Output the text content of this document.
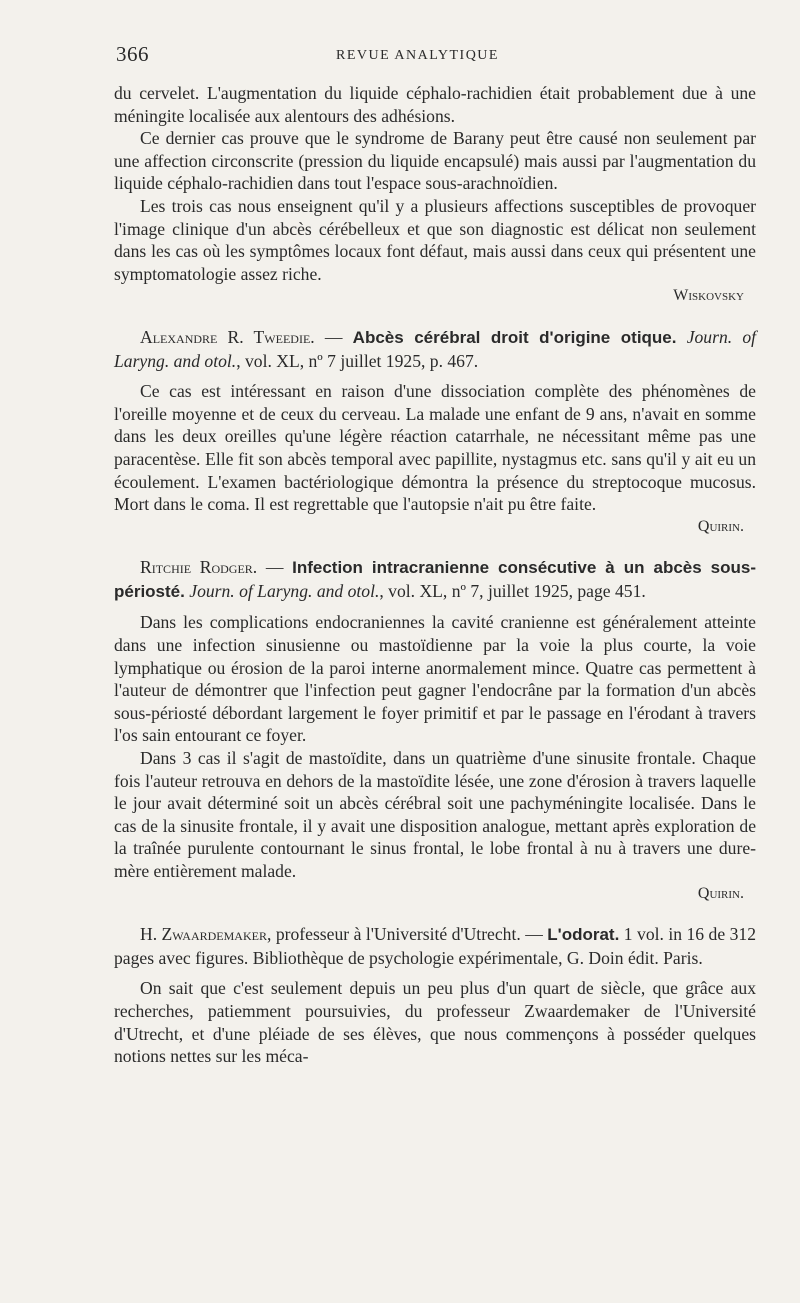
366	REVUE ANALYTIQUE

du cervelet. L'augmentation du liquide céphalo-rachidien était probablement due à une méningite localisée aux alentours des adhésions.

Ce dernier cas prouve que le syndrome de Barany peut être causé non seulement par une affection circonscrite (pression du liquide encapsulé) mais aussi par l'augmentation du liquide céphalo-rachidien dans tout l'espace sous-arachnoïdien.

Les trois cas nous enseignent qu'il y a plusieurs affections susceptibles de provoquer l'image clinique d'un abcès cérébelleux et que son diagnostic est délicat non seulement dans les cas où les symptômes locaux font défaut, mais aussi dans ceux qui présentent une symptomatologie assez riche.

Wiskovsky

Alexandre R. Tweedie. — Abcès cérébral droit d'origine otique. Journ. of Laryng. and otol., vol. XL, nº 7 juillet 1925, p. 467.

Ce cas est intéressant en raison d'une dissociation complète des phénomènes de l'oreille moyenne et de ceux du cerveau. La malade une enfant de 9 ans, n'avait en somme dans les deux oreilles qu'une légère réaction catarrhale, ne nécessitant même pas une paracentèse. Elle fit son abcès temporal avec papillite, nystagmus etc. sans qu'il y ait eu un écoulement. L'examen bactériologique démontra la présence du streptocoque mucosus. Mort dans le coma. Il est regrettable que l'autopsie n'ait pu être faite.

Quirin.

Ritchie Rodger. — Infection intracranienne consécutive à un abcès sous-périosté. Journ. of Laryng. and otol., vol. XL, nº 7, juillet 1925, page 451.

Dans les complications endocraniennes la cavité cranienne est généralement atteinte dans une infection sinusienne ou mastoïdienne par la voie la plus courte, la voie lymphatique ou érosion de la paroi interne anormalement mince. Quatre cas permettent à l'auteur de démontrer que l'infection peut gagner l'endocrâne par la formation d'un abcès sous-périosté débordant largement le foyer primitif et par le passage en l'érodant à travers l'os sain entourant ce foyer.

Dans 3 cas il s'agit de mastoïdite, dans un quatrième d'une sinusite frontale. Chaque fois l'auteur retrouva en dehors de la mastoïdite lésée, une zone d'érosion à travers laquelle le jour avait déterminé soit un abcès cérébral soit une pachyméningite localisée. Dans le cas de la sinusite frontale, il y avait une disposition analogue, mettant après exploration de la traînée purulente contournant le sinus frontal, le lobe frontal à nu à travers une dure-mère entièrement malade.

Quirin.

H. Zwaardemaker, professeur à l'Université d'Utrecht. — L'odorat. 1 vol. in 16 de 312 pages avec figures. Bibliothèque de psychologie expérimentale, G. Doin édit. Paris.

On sait que c'est seulement depuis un peu plus d'un quart de siècle, que grâce aux recherches, patiemment poursuivies, du professeur Zwaardemaker de l'Université d'Utrecht, et d'une pléiade de ses élèves, que nous commençons à posséder quelques notions nettes sur les méca-
